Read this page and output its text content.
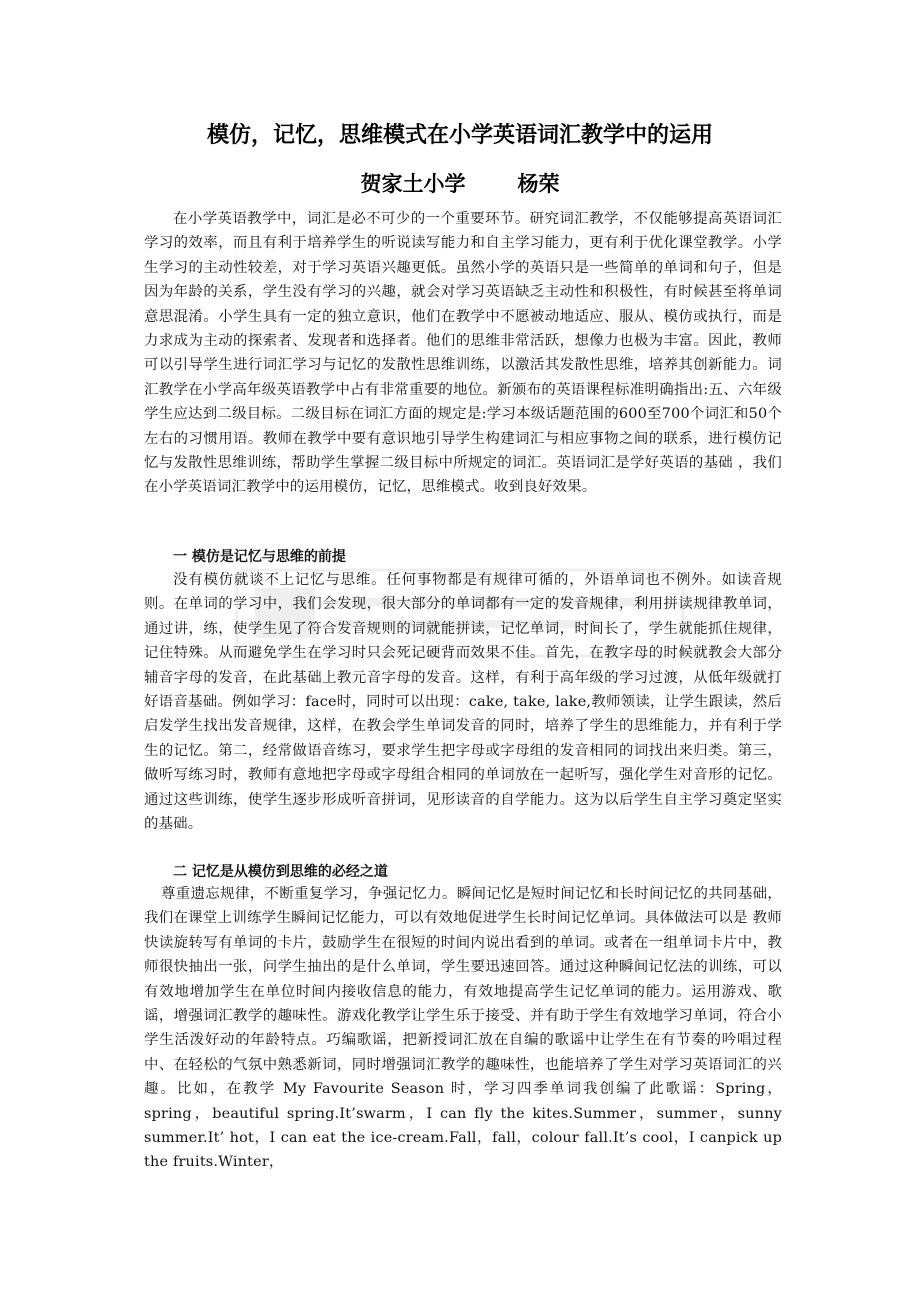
模仿，记忆，思维模式在小学英语词汇教学中的运用
贺家土小学 杨荣

在小学英语教学中，词汇是必不可少的一个重要环节。研究词汇教学，不仅能够提高英语词汇学习的效率，而且有利于培养学生的听说读写能力和自主学习能力，更有利于优化课堂教学。小学生学习的主动性较差，对于学习英语兴趣更低。虽然小学的英语只是一些简单的单词和句子，但是因为年龄的关系，学生没有学习的兴趣，就会对学习英语缺乏主动性和积极性，有时候甚至将单词意思混淆。小学生具有一定的独立意识，他们在教学中不愿被动地适应、服从、模仿或执行，而是力求成为主动的探索者、发现者和选择者。他们的思维非常活跃，想像力也极为丰富。因此，教师可以引导学生进行词汇学习与记忆的发散性思维训练，以激活其发散性思维，培养其创新能力。词汇教学在小学高年级英语教学中占有非常重要的地位。新颁布的英语课程标准明确指出:五、六年级学生应达到二级目标。二级目标在词汇方面的规定是:学习本级话题范围的600至700个词汇和50个左右的习惯用语。教师在教学中要有意识地引导学生构建词汇与相应事物之间的联系，进行模仿记忆与发散性思维训练，帮助学生掌握二级目标中所规定的词汇。英语词汇是学好英语的基础 ，我们在小学英语词汇教学中的运用模仿，记忆，思维模式。收到良好效果。

一 模仿是记忆与思维的前提

没有模仿就谈不上记忆与思维。任何事物都是有规律可循的，外语单词也不例外。如读音规则。在单词的学习中，我们会发现，很大部分的单词都有一定的发音规律，利用拼读规律教单词，通过讲，练，使学生见了符合发音规则的词就能拼读，记忆单词，时间长了，学生就能抓住规律，记住特殊。从而避免学生在学习时只会死记硬背而效果不佳。首先，在教字母的时候就教会大部分辅音字母的发音，在此基础上教元音字母的发音。这样，有利于高年级的学习过渡，从低年级就打好语音基础。例如学习：face时，同时可以出现：cake, take, lake,教师领读，让学生跟读，然后启发学生找出发音规律，这样，在教会学生单词发音的同时，培养了学生的思维能力，并有利于学生的记忆。第二，经常做语音练习，要求学生把字母或字母组的发音相同的词找出来归类。第三，做听写练习时，教师有意地把字母或字母组合相同的单词放在一起听写，强化学生对音形的记忆。通过这些训练，使学生逐步形成听音拼词，见形读音的自学能力。这为以后学生自主学习奠定坚实的基础。

二 记忆是从模仿到思维的必经之道

尊重遗忘规律，不断重复学习，争强记忆力。瞬间记忆是短时间记忆和长时间记忆的共同基础，我们在课堂上训练学生瞬间记忆能力，可以有效地促进学生长时间记忆单词。具体做法可以是 教师快读旋转写有单词的卡片，鼓励学生在很短的时间内说出看到的单词。或者在一组单词卡片中，教师很快抽出一张，问学生抽出的是什么单词，学生要迅速回答。通过这种瞬间记忆法的训练，可以有效地增加学生在单位时间内接收信息的能力，有效地提高学生记忆单词的能力。运用游戏、歌谣，增强词汇教学的趣味性。游戏化教学让学生乐于接受、并有助于学生有效地学习单词，符合小学生活泼好动的年龄特点。巧编歌谣，把新授词汇放在自编的歌谣中让学生在有节奏的吟唱过程中、在轻松的气氛中熟悉新词，同时增强词汇教学的趣味性，也能培养了学生对学习英语词汇的兴趣。比如，在教学 My Favourite Season 时，学习四季单词我创编了此歌谣：Spring，spring，beautiful spring.It’swarm，I can fly the kites.Summer，summer，sunny summer.It’ hot，I can eat the ice-cream.Fall，fall，colour fall.It’s cool，I canpick up the fruits.Winter，
